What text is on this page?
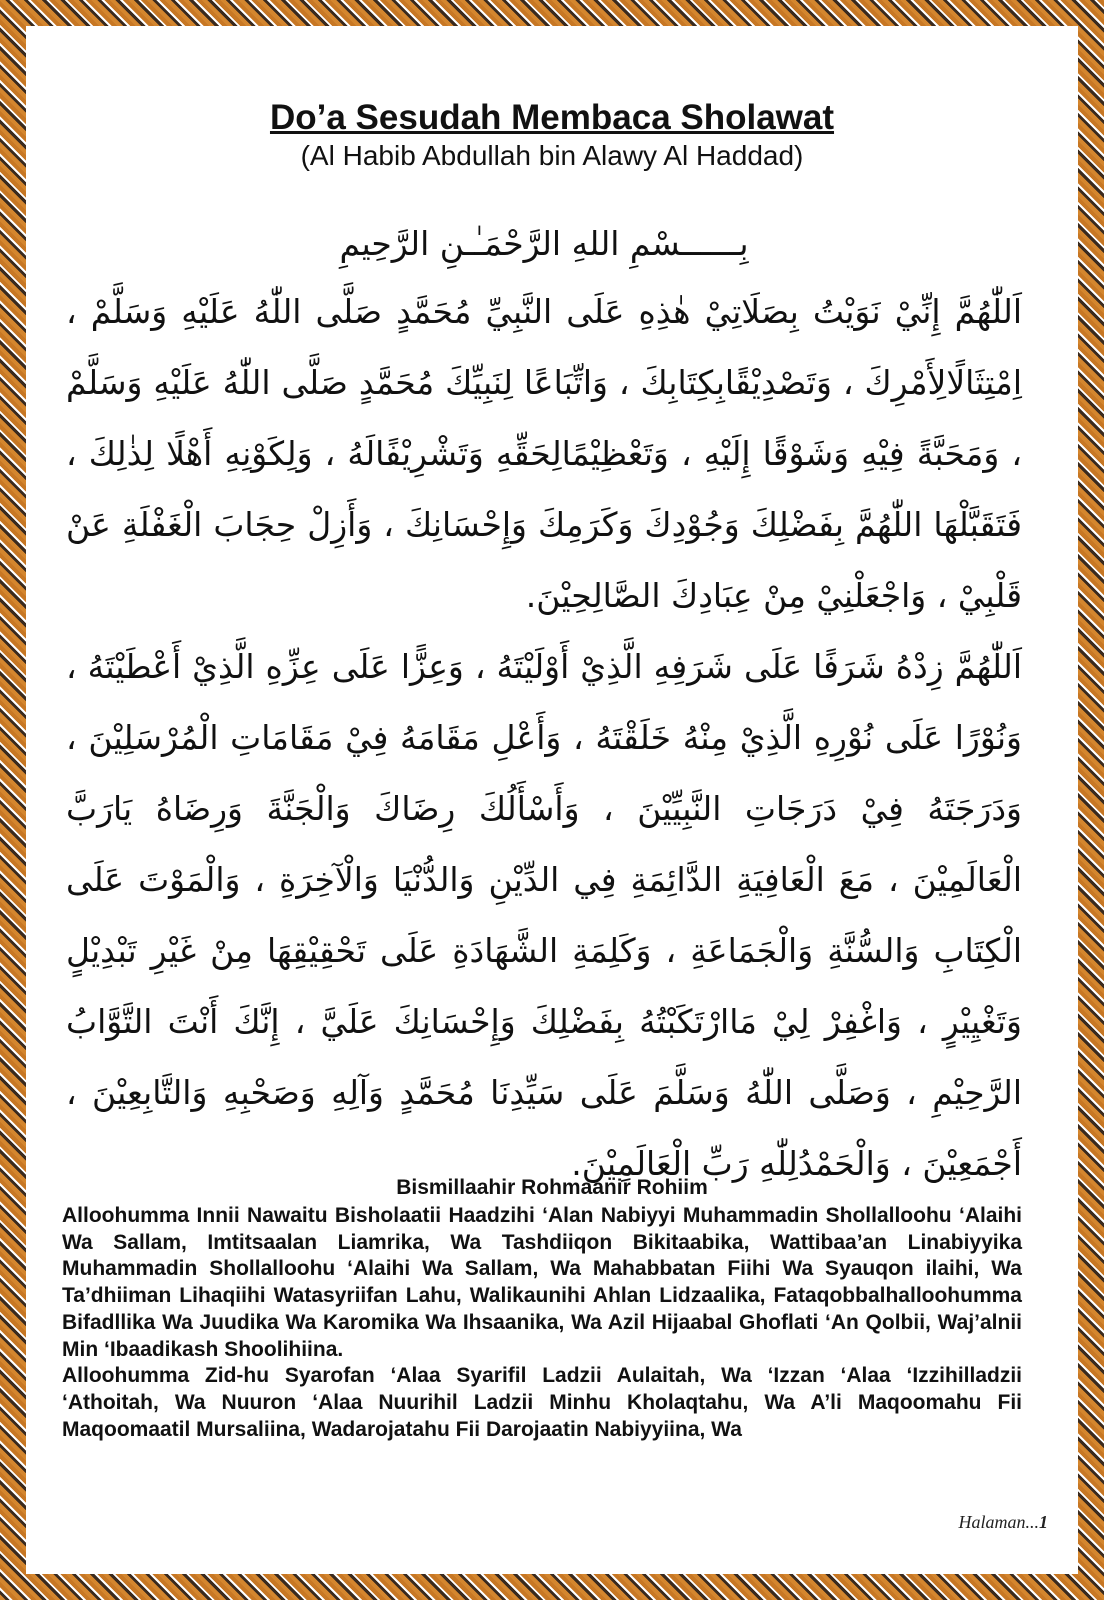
Do’a Sesudah Membaca Sholawat
(Al Habib Abdullah bin Alawy Al Haddad)
بِــــــسْمِ اللهِ الرَّحْمَـٰـنِ الرَّحِيمِ

اَللّٰهُمَّ إِنِّيْ نَوَيْتُ بِصَلَاتِيْ هٰذِهِ عَلَى النَّبِيِّ مُحَمَّدٍ صَلَّى اللّٰهُ عَلَيْهِ وَسَلَّمْ ، اِمْتِثَالًالِأَمْرِكَ ، وَتَصْدِيْقًابِكِتَابِكَ ، وَاتِّبَاعًا لِنَبِيِّكَ مُحَمَّدٍ صَلَّى اللّٰهُ عَلَيْهِ وَسَلَّمْ ، وَمَحَبَّةً فِيْهِ وَشَوْقًا إِلَيْهِ ، وَتَعْظِيْمًالِحَقِّهِ وَتَشْرِيْفًالَهُ ، وَلِكَوْنِهِ أَهْلًا لِذٰلِكَ ، فَتَقَبَّلْهَا اللّٰهُمَّ بِفَضْلِكَ وَجُوْدِكَ وَكَرَمِكَ وَإِحْسَانِكَ ، وَأَزِلْ حِجَابَ الْغَفْلَةِ عَنْ قَلْبِيْ ، وَاجْعَلْنِيْ مِنْ عِبَادِكَ الصَّالِحِيْنَ.

اَللّٰهُمَّ زِدْهُ شَرَفًا عَلَى شَرَفِهِ الَّذِيْ أَوْلَيْتَهُ ، وَعِزًّا عَلَى عِزِّهِ الَّذِيْ أَعْطَيْتَهُ ، وَنُوْرًا عَلَى نُوْرِهِ الَّذِيْ مِنْهُ خَلَقْتَهُ ، وَأَعْلِ مَقَامَهُ فِيْ مَقَامَاتِ الْمُرْسَلِيْنَ ، وَدَرَجَتَهُ فِيْ دَرَجَاتِ النَّبِيِّيْنَ ، وَأَسْأَلُكَ رِضَاكَ وَالْجَنَّةَ وَرِضَاهُ يَارَبَّ الْعَالَمِيْنَ ، مَعَ الْعَافِيَةِ الدَّائِمَةِ فِي الدِّيْنِ وَالدُّنْيَا وَالْآخِرَةِ ، وَالْمَوْتَ عَلَى الْكِتَابِ وَالسُّنَّةِ وَالْجَمَاعَةِ ، وَكَلِمَةِ الشَّهَادَةِ عَلَى تَحْقِيْقِهَا مِنْ غَيْرِ تَبْدِيْلٍ وَتَغْيِيْرٍ ، وَاغْفِرْ لِيْ مَاارْتَكَبْتُهُ بِفَضْلِكَ وَإِحْسَانِكَ عَلَيَّ ، إِنَّكَ أَنْتَ التَّوَّابُ الرَّحِيْمِ ، وَصَلَّى اللّٰهُ وَسَلَّمَ عَلَى سَيِّدِنَا مُحَمَّدٍ وَآلِهِ وَصَحْبِهِ وَالتَّابِعِيْنَ ، أَجْمَعِيْنَ ، وَالْحَمْدُلِلّٰهِ رَبِّ الْعَالَمِيْنَ.

Bismillaahir Rohmaanir Rohiim

Alloohumma Innii Nawaitu Bisholaatii Haadzihi ‘Alan Nabiyyi Muhammadin Shollalloohu ‘Alaihi Wa Sallam, Imtitsaalan Liamrika, Wa Tashdiiqon Bikitaabika, Wattibaa’an Linabiyyika Muhammadin Shollalloohu ‘Alaihi Wa Sallam, Wa Mahabbatan Fiihi Wa Syauqon ilaihi, Wa Ta’dhiiman Lihaqiihi Watasyriifan Lahu, Walikaunihi Ahlan Lidzaalika, Fataqobbalhalloohumma Bifadllika Wa Juudika Wa Karomika Wa Ihsaanika, Wa Azil Hijaabal Ghoflati ‘An Qolbii, Waj’alnii Min ‘Ibaadikash Shoolihiina.

Alloohumma Zid-hu Syarofan ‘Alaa Syarifil Ladzii Aulaitah, Wa ‘Izzan ‘Alaa ‘Izzihilladzii ‘Athoitah, Wa Nuuron ‘Alaa Nuurihil Ladzii Minhu Kholaqtahu, Wa A’li Maqoomahu Fii Maqoomaatil Mursaliina, Wadarojatahu Fii Darojaatin Nabiyyiina, Wa

Halaman...1
